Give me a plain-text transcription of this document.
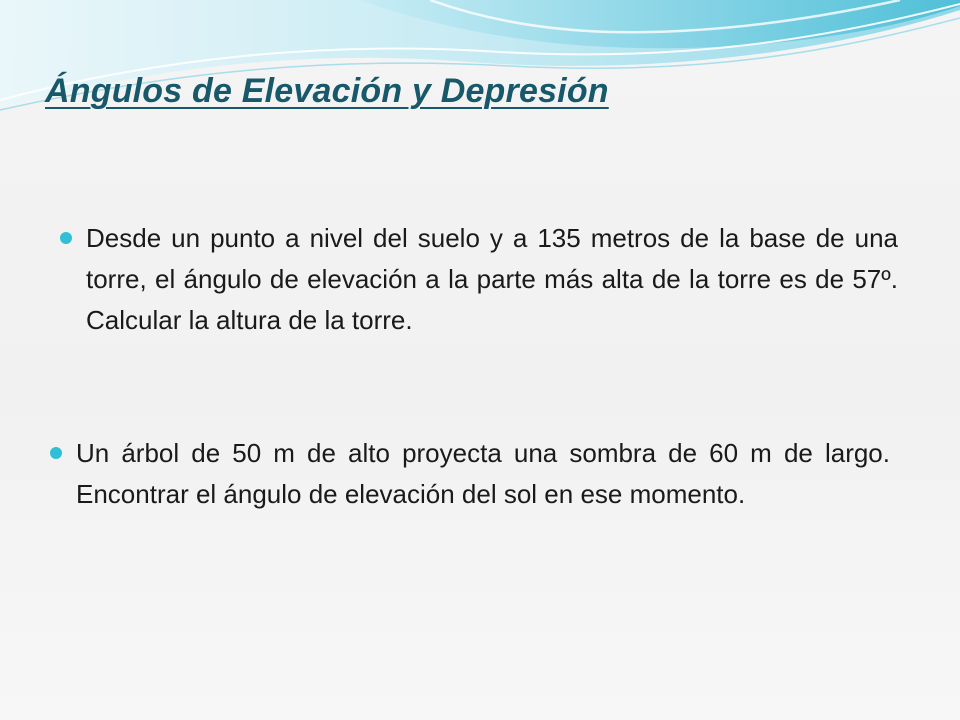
Ángulos de Elevación y Depresión
Desde un punto a nivel del suelo y a 135 metros de la base de una torre, el ángulo de elevación a la parte más alta de la torre es de 57º. Calcular la altura de la torre.
Un árbol de 50 m de alto proyecta una sombra de 60 m de largo. Encontrar el ángulo de elevación del sol en ese momento.
